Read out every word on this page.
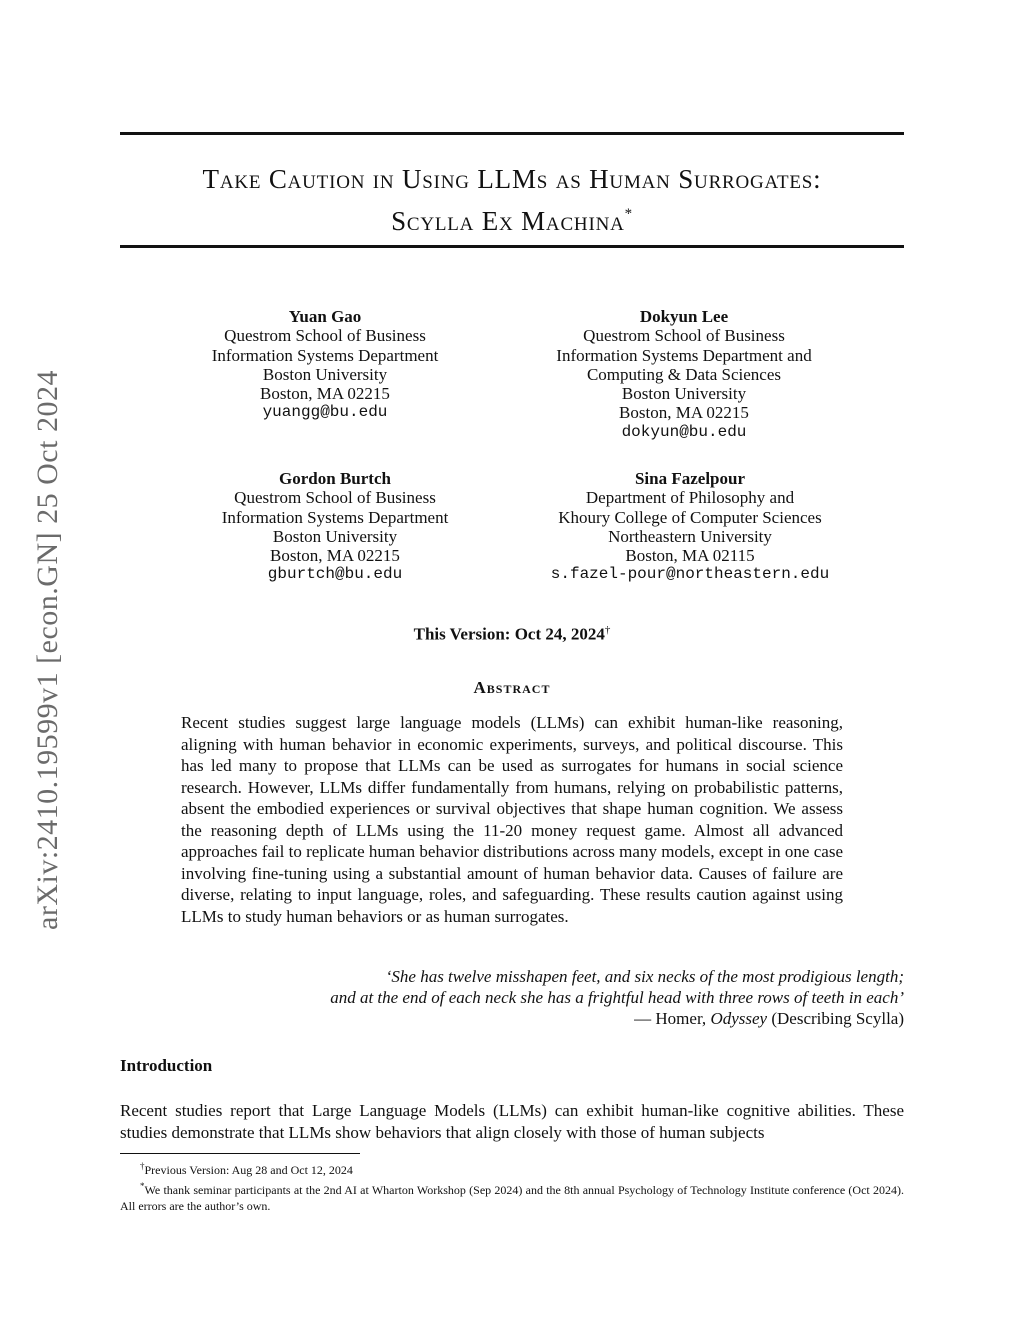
arXiv:2410.19599v1 [econ.GN] 25 Oct 2024
Take Caution in Using LLMs as Human Surrogates:
Scylla Ex Machina*
Yuan Gao
Questrom School of Business
Information Systems Department
Boston University
Boston, MA 02215
yuangg@bu.edu
Dokyun Lee
Questrom School of Business
Information Systems Department and
Computing & Data Sciences
Boston University
Boston, MA 02215
dokyun@bu.edu
Gordon Burtch
Questrom School of Business
Information Systems Department
Boston University
Boston, MA 02215
gburtch@bu.edu
Sina Fazelpour
Department of Philosophy and
Khoury College of Computer Sciences
Northeastern University
Boston, MA 02115
s.fazel-pour@northeastern.edu
This Version: Oct 24, 2024†
Abstract
Recent studies suggest large language models (LLMs) can exhibit human-like reasoning, aligning with human behavior in economic experiments, surveys, and political discourse. This has led many to propose that LLMs can be used as surrogates for humans in social science research. However, LLMs differ fundamentally from humans, relying on probabilistic patterns, absent the embodied experiences or survival objectives that shape human cognition. We assess the reasoning depth of LLMs using the 11-20 money request game. Almost all advanced approaches fail to replicate human behavior distributions across many models, except in one case involving fine-tuning using a substantial amount of human behavior data. Causes of failure are diverse, relating to input language, roles, and safeguarding. These results caution against using LLMs to study human behaviors or as human surrogates.
‘She has twelve misshapen feet, and six necks of the most prodigious length;
and at the end of each neck she has a frightful head with three rows of teeth in each’
— Homer, Odyssey (Describing Scylla)
Introduction
Recent studies report that Large Language Models (LLMs) can exhibit human-like cognitive abilities. These studies demonstrate that LLMs show behaviors that align closely with those of human subjects
†Previous Version: Aug 28 and Oct 12, 2024
*We thank seminar participants at the 2nd AI at Wharton Workshop (Sep 2024) and the 8th annual Psychology of Technology Institute conference (Oct 2024). All errors are the author’s own.
